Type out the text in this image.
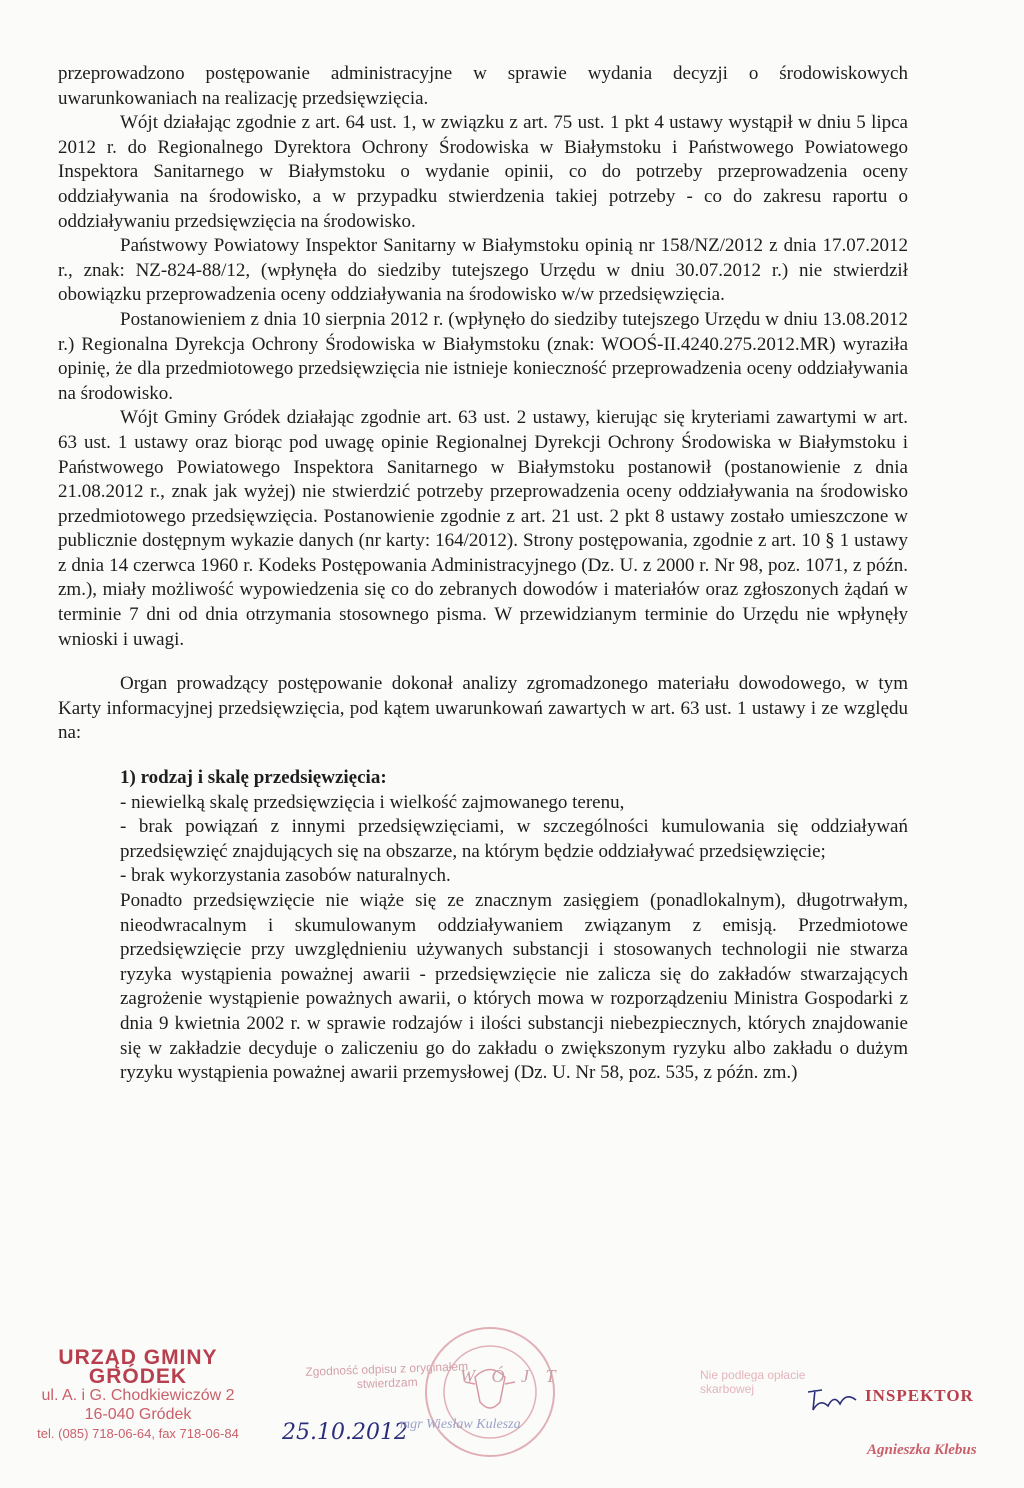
przeprowadzono postępowanie administracyjne w sprawie wydania decyzji o środowiskowych uwarunkowaniach na realizację przedsięwzięcia.

Wójt działając zgodnie z art. 64 ust. 1, w związku z art. 75 ust. 1 pkt 4 ustawy wystąpił w dniu 5 lipca 2012 r. do Regionalnego Dyrektora Ochrony Środowiska w Białymstoku i Państwowego Powiatowego Inspektora Sanitarnego w Białymstoku o wydanie opinii, co do potrzeby przeprowadzenia oceny oddziaływania na środowisko, a w przypadku stwierdzenia takiej potrzeby - co do zakresu raportu o oddziaływaniu przedsięwzięcia na środowisko.

Państwowy Powiatowy Inspektor Sanitarny w Białymstoku opinią nr 158/NZ/2012 z dnia 17.07.2012 r., znak: NZ-824-88/12, (wpłynęła do siedziby tutejszego Urzędu w dniu 30.07.2012 r.) nie stwierdził obowiązku przeprowadzenia oceny oddziaływania na środowisko w/w przedsięwzięcia.

Postanowieniem z dnia 10 sierpnia 2012 r. (wpłynęło do siedziby tutejszego Urzędu w dniu 13.08.2012 r.) Regionalna Dyrekcja Ochrony Środowiska w Białymstoku (znak: WOOŚ-II.4240.275.2012.MR) wyraziła opinię, że dla przedmiotowego przedsięwzięcia nie istnieje konieczność przeprowadzenia oceny oddziaływania na środowisko.

Wójt Gminy Gródek działając zgodnie art. 63 ust. 2 ustawy, kierując się kryteriami zawartymi w art. 63 ust. 1 ustawy oraz biorąc pod uwagę opinie Regionalnej Dyrekcji Ochrony Środowiska w Białymstoku i Państwowego Powiatowego Inspektora Sanitarnego w Białymstoku postanowił (postanowienie z dnia 21.08.2012 r., znak jak wyżej) nie stwierdzić potrzeby przeprowadzenia oceny oddziaływania na środowisko przedmiotowego przedsięwzięcia. Postanowienie zgodnie z art. 21 ust. 2 pkt 8 ustawy zostało umieszczone w publicznie dostępnym wykazie danych (nr karty: 164/2012). Strony postępowania, zgodnie z art. 10 § 1 ustawy z dnia 14 czerwca 1960 r. Kodeks Postępowania Administracyjnego (Dz. U. z 2000 r. Nr 98, poz. 1071, z późn. zm.), miały możliwość wypowiedzenia się co do zebranych dowodów i materiałów oraz zgłoszonych żądań w terminie 7 dni od dnia otrzymania stosownego pisma. W przewidzianym terminie do Urzędu nie wpłynęły wnioski i uwagi.

Organ prowadzący postępowanie dokonał analizy zgromadzonego materiału dowodowego, w tym Karty informacyjnej przedsięwzięcia, pod kątem uwarunkowań zawartych w art. 63 ust. 1 ustawy i ze względu na:

1) rodzaj i skalę przedsięwzięcia:

- niewielką skalę przedsięwzięcia i wielkość zajmowanego terenu,

- brak powiązań z innymi przedsięwzięciami, w szczególności kumulowania się oddziaływań przedsięwzięć znajdujących się na obszarze, na którym będzie oddziaływać przedsięwzięcie;

- brak wykorzystania zasobów naturalnych.

Ponadto przedsięwzięcie nie wiąże się ze znacznym zasięgiem (ponadlokalnym), długotrwałym, nieodwracalnym i skumulowanym oddziaływaniem związanym z emisją. Przedmiotowe przedsięwzięcie przy uwzględnieniu używanych substancji i stosowanych technologii nie stwarza ryzyka wystąpienia poważnej awarii - przedsięwzięcie nie zalicza się do zakładów stwarzających zagrożenie wystąpienie poważnych awarii, o których mowa w rozporządzeniu Ministra Gospodarki z dnia 9 kwietnia 2002 r. w sprawie rodzajów i ilości substancji niebezpiecznych, których znajdowanie się w zakładzie decyduje o zaliczeniu go do zakładu o zwiększonym ryzyku albo zakładu o dużym ryzyku wystąpienia poważnej awarii przemysłowej (Dz. U. Nr 58, poz. 535, z późn. zm.)

URZĄD GMINY GRÓDEK
ul. A. i G. Chodkiewiczów 2
16-040 Gródek
tel. (085) 718-06-64, fax 718-06-84
Zgodność odpisu z oryginałem stwierdzam
25.10.2012
W Ó J T
mgr Wiesław Kulesza
Nie podlega opłacie skarbowej	INSPEKTOR
Agnieszka Klebus
